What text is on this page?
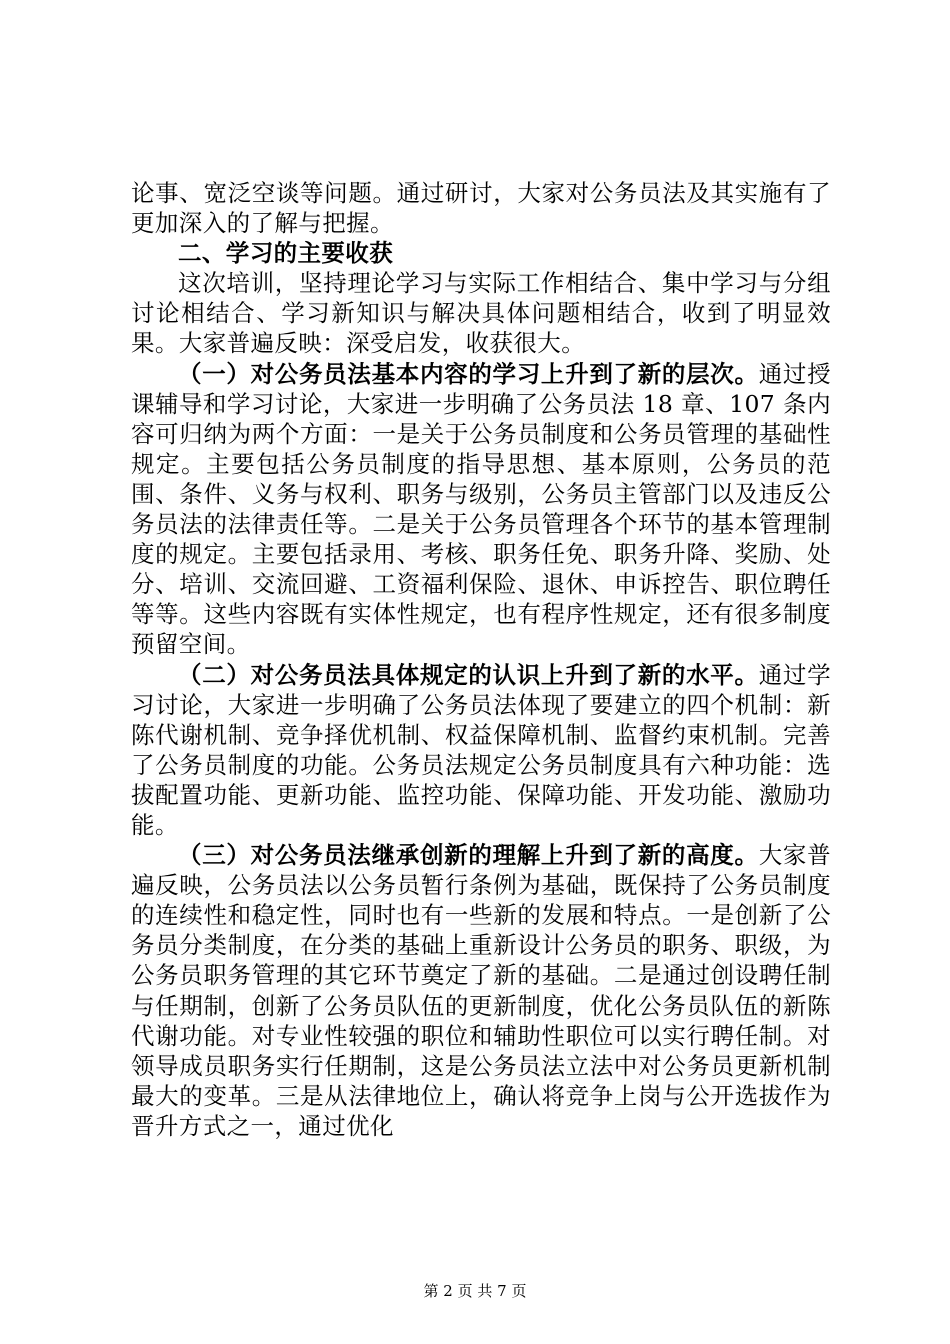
论事、宽泛空谈等问题。通过研讨，大家对公务员法及其实施有了更加深入的了解与把握。

二、学习的主要收获

这次培训，坚持理论学习与实际工作相结合、集中学习与分组讨论相结合、学习新知识与解决具体问题相结合，收到了明显效果。大家普遍反映：深受启发，收获很大。

（一）对公务员法基本内容的学习上升到了新的层次。通过授课辅导和学习讨论，大家进一步明确了公务员法 18 章、107 条内容可归纳为两个方面：一是关于公务员制度和公务员管理的基础性规定。主要包括公务员制度的指导思想、基本原则，公务员的范围、条件、义务与权利、职务与级别，公务员主管部门以及违反公务员法的法律责任等。二是关于公务员管理各个环节的基本管理制度的规定。主要包括录用、考核、职务任免、职务升降、奖励、处分、培训、交流回避、工资福利保险、退休、申诉控告、职位聘任等等。这些内容既有实体性规定，也有程序性规定，还有很多制度预留空间。

（二）对公务员法具体规定的认识上升到了新的水平。通过学习讨论，大家进一步明确了公务员法体现了要建立的四个机制：新陈代谢机制、竞争择优机制、权益保障机制、监督约束机制。完善了公务员制度的功能。公务员法规定公务员制度具有六种功能：选拔配置功能、更新功能、监控功能、保障功能、开发功能、激励功能。

（三）对公务员法继承创新的理解上升到了新的高度。大家普遍反映，公务员法以公务员暂行条例为基础，既保持了公务员制度的连续性和稳定性，同时也有一些新的发展和特点。一是创新了公务员分类制度，在分类的基础上重新设计公务员的职务、职级，为公务员职务管理的其它环节奠定了新的基础。二是通过创设聘任制与任期制，创新了公务员队伍的更新制度，优化公务员队伍的新陈代谢功能。对专业性较强的职位和辅助性职位可以实行聘任制。对领导成员职务实行任期制，这是公务员法立法中对公务员更新机制最大的变革。三是从法律地位上，确认将竞争上岗与公开选拔作为晋升方式之一，通过优化

第 2 页 共 7 页
